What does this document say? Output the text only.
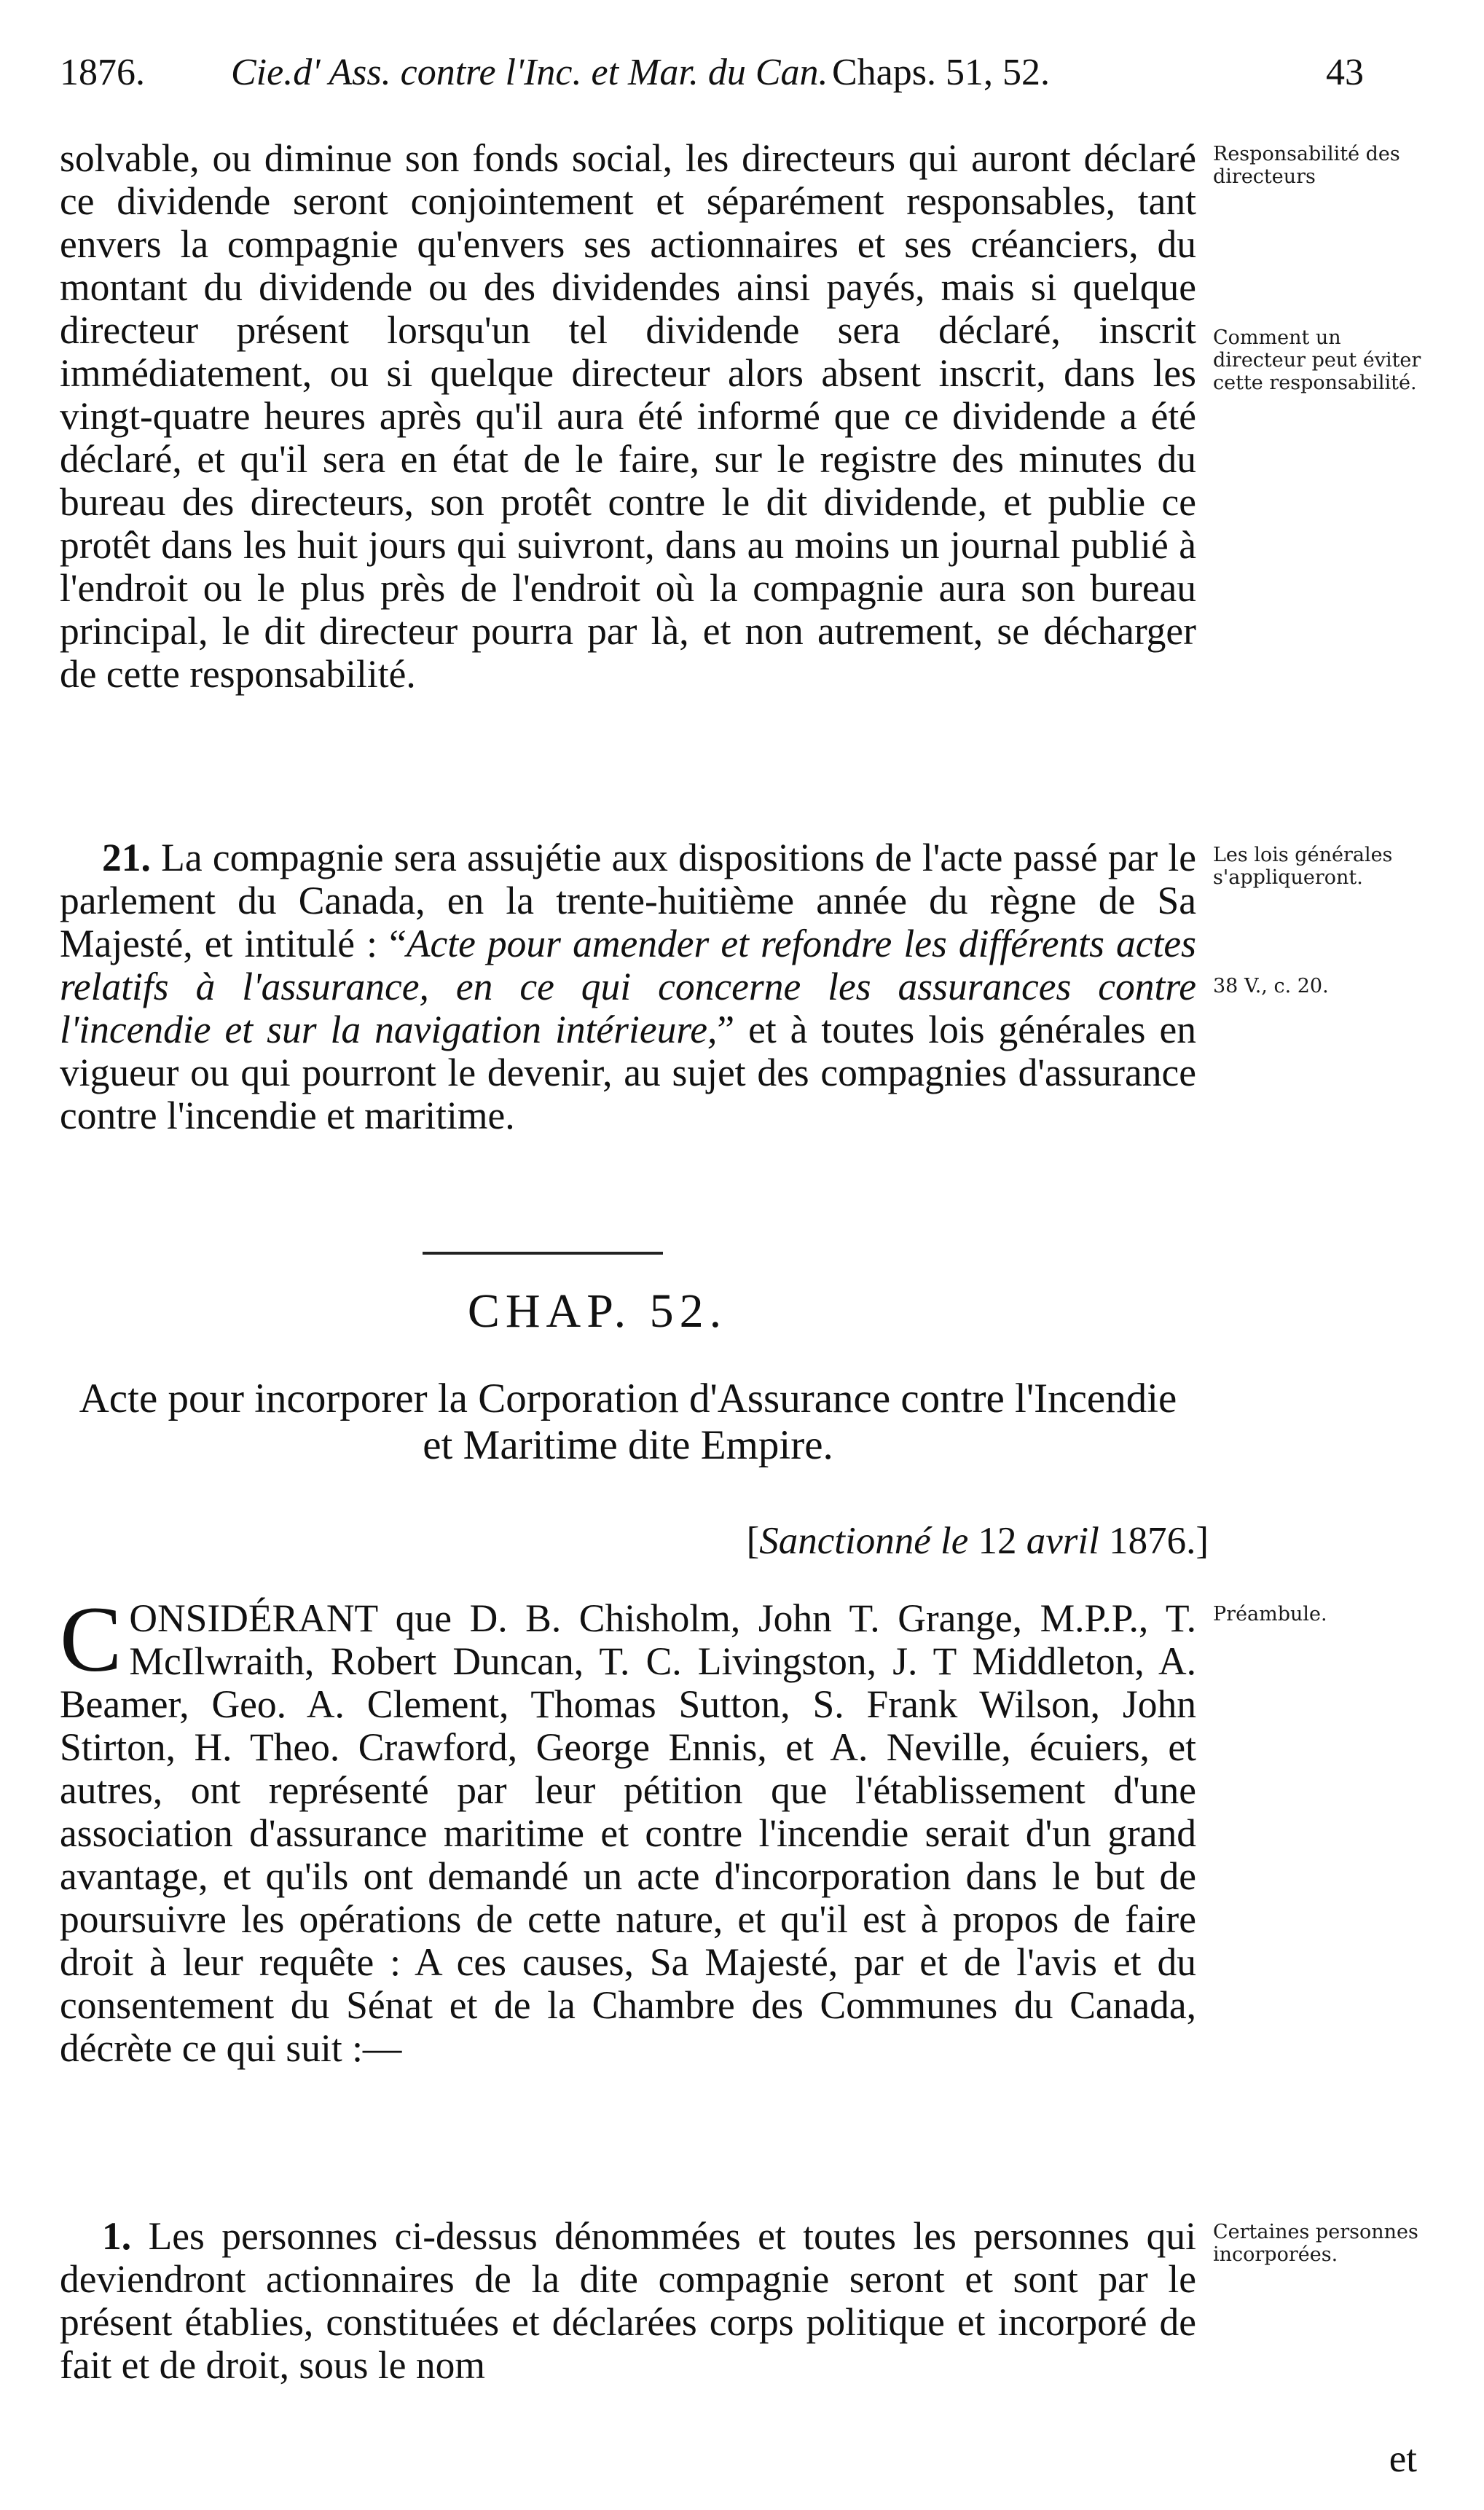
1876. Cie.d' Ass. contre l'Inc. et Mar. du Can. Chaps. 51, 52.	43

solvable, ou diminue son fonds social, les directeurs qui auront déclaré ce dividende seront conjointement et séparément responsables, tant envers la compagnie qu'envers ses actionnaires et ses créanciers, du montant du dividende ou des dividendes ainsi payés, mais si quelque directeur présent lorsqu'un tel dividende sera déclaré, inscrit immédiatement, ou si quelque directeur alors absent inscrit, dans les vingt-quatre heures après qu'il aura été informé que ce dividende a été déclaré, et qu'il sera en état de le faire, sur le registre des minutes du bureau des directeurs, son protêt contre le dit dividende, et publie ce protêt dans les huit jours qui suivront, dans au moins un journal publié à l'endroit ou le plus près de l'endroit où la compagnie aura son bureau principal, le dit directeur pourra par là, et non autrement, se décharger de cette responsabilité.

Responsabilité des directeurs
Comment un directeur peut éviter cette responsabilité.

21. La compagnie sera assujétie aux dispositions de l'acte passé par le parlement du Canada, en la trente-huitième année du règne de Sa Majesté, et intitulé : “Acte pour amender et refondre les différents actes relatifs à l'assurance, en ce qui concerne les assurances contre l'incendie et sur la navigation intérieure,” et à toutes lois générales en vigueur ou qui pourront le devenir, au sujet des compagnies d'assurance contre l'incendie et maritime.

Les lois générales s'appliqueront.
38 V., c. 20.
CHAP. 52.
Acte pour incorporer la Corporation d'Assurance contre l'Incendie et Maritime dite Empire.
[Sanctionné le 12 avril 1876.]
CONSIDÉRANT que D. B. Chisholm, John T. Grange, M.P.P., T. McIlwraith, Robert Duncan, T. C. Livingston, J. T Middleton, A. Beamer, Geo. A. Clement, Thomas Sutton, S. Frank Wilson, John Stirton, H. Theo. Crawford, George Ennis, et A. Neville, écuiers, et autres, ont représenté par leur pétition que l'établissement d'une association d'assurance maritime et contre l'incendie serait d'un grand avantage, et qu'ils ont demandé un acte d'incorporation dans le but de poursuivre les opérations de cette nature, et qu'il est à propos de faire droit à leur requête : A ces causes, Sa Majesté, par et de l'avis et du consentement du Sénat et de la Chambre des Communes du Canada, décrète ce qui suit :—
Préambule.

1. Les personnes ci-dessus dénommées et toutes les personnes qui deviendront actionnaires de la dite compagnie seront et sont par le présent établies, constituées et déclarées corps politique et incorporé de fait et de droit, sous le nom

Certaines personnes incorporées.
et
